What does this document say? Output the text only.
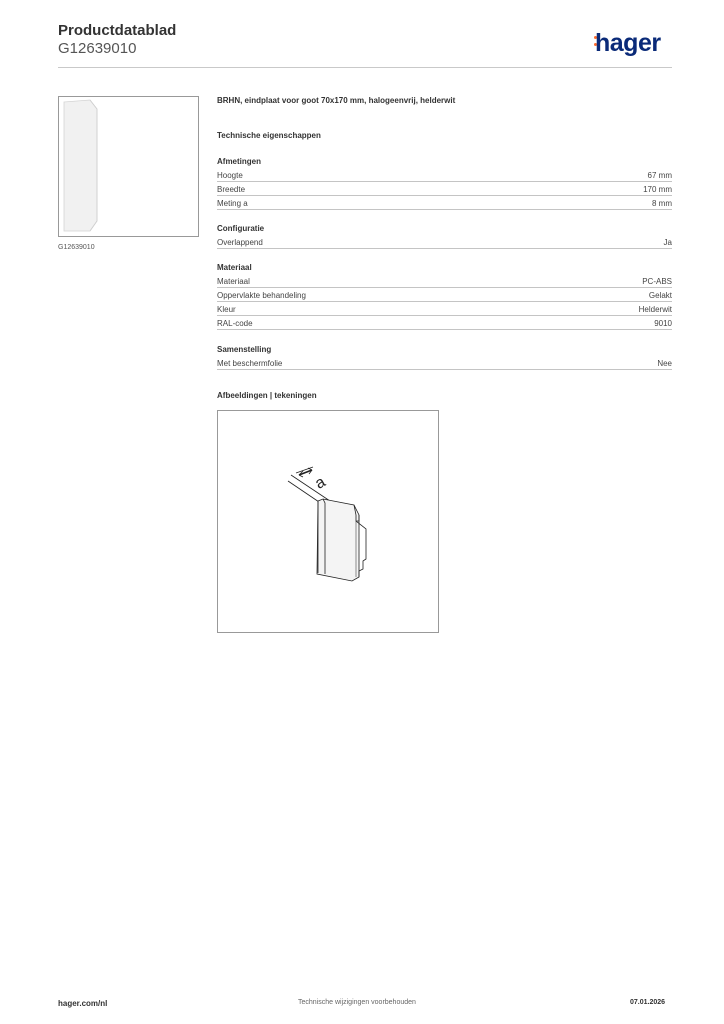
Productdatablad
G12639010	hager
G12639010
BRHN, eindplaat voor goot 70x170 mm, halogeenvrij, helderwit
Technische eigenschappen
Afmetingen
Hoogte	67 mm
Breedte	170 mm
Meting a	8 mm
Configuratie
Overlappend	Ja
Materiaal
Materiaal	PC-ABS
Oppervlakte behandeling	Gelakt
Kleur	Helderwit
RAL-code	9010
Samenstelling
Met beschermfolie	Nee
Afbeeldingen | tekeningen
a
hager.com/nl	Technische wijzigingen voorbehouden	07.01.2026
